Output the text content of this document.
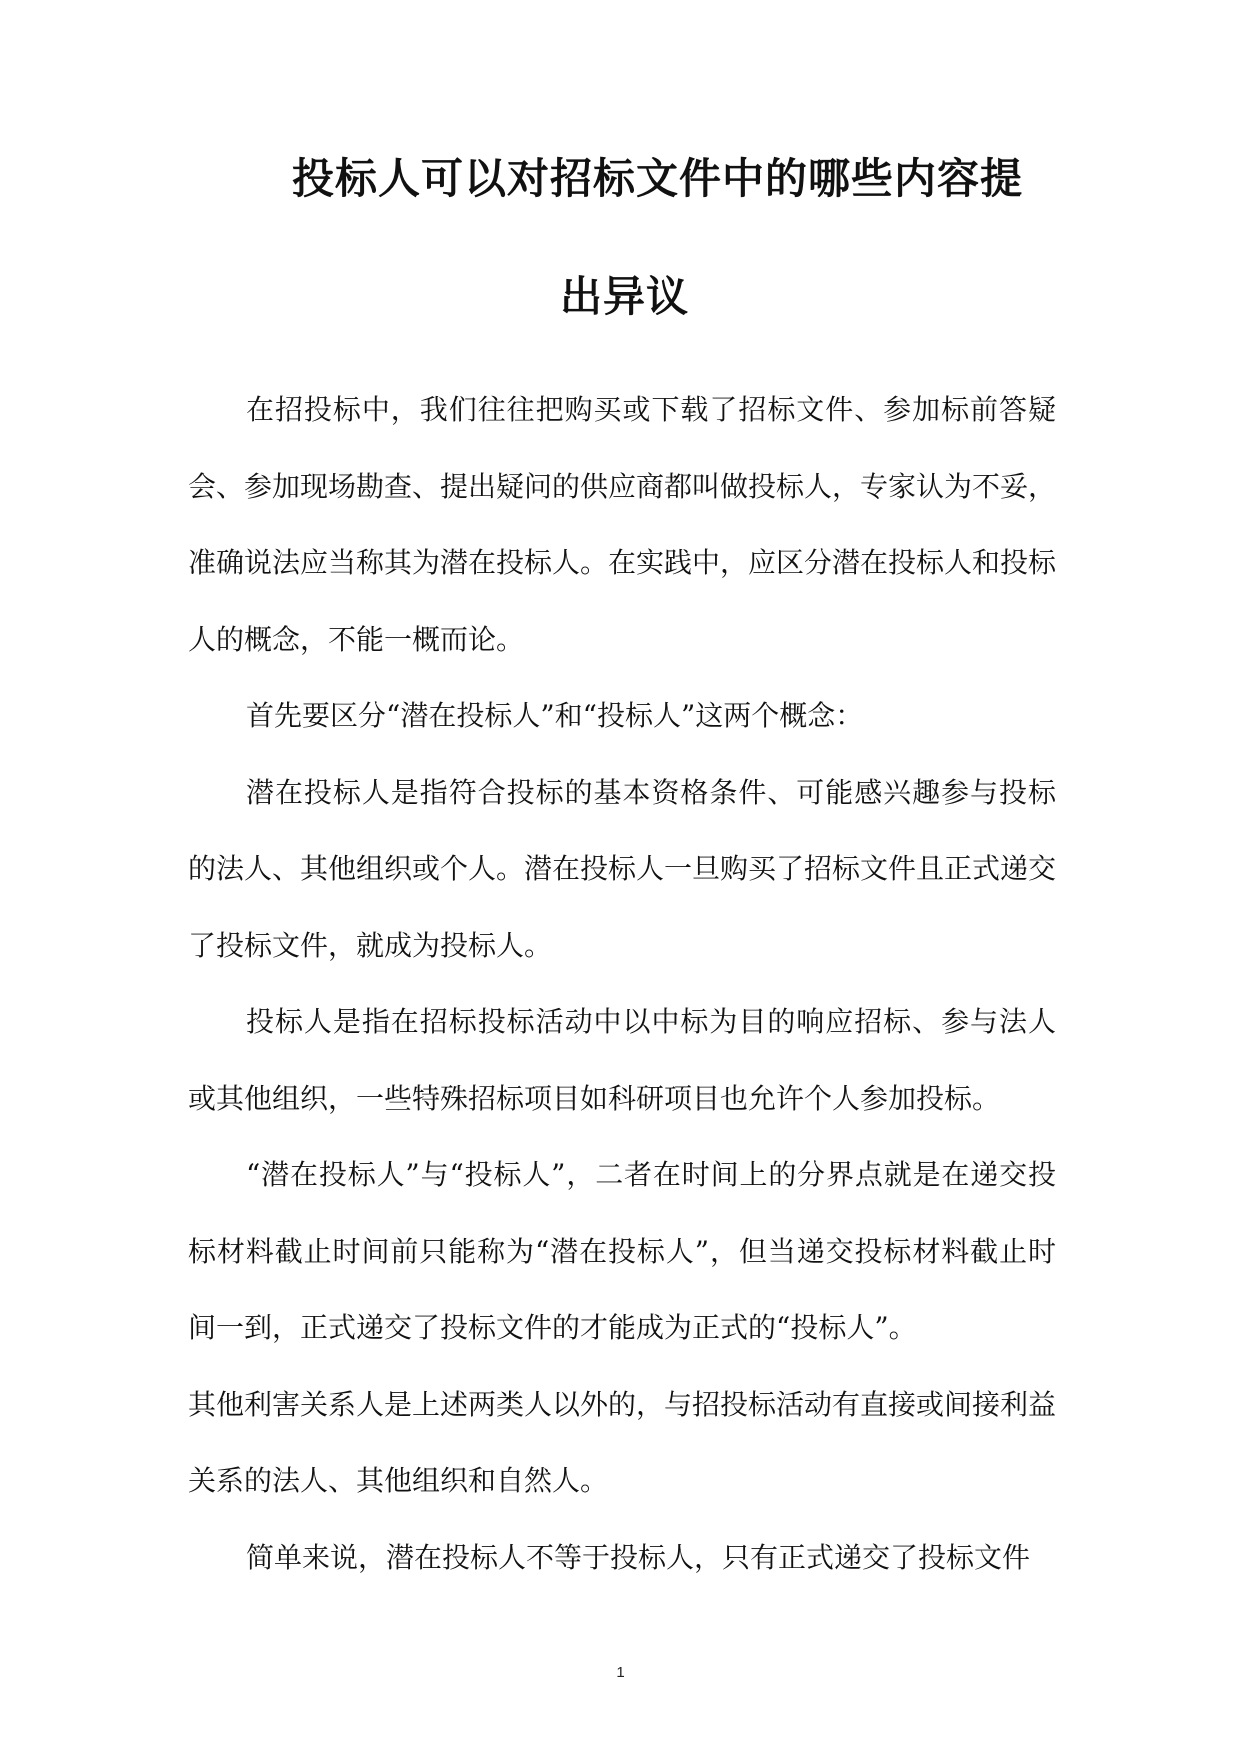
投标人可以对招标文件中的哪些内容提
出异议

在招投标中，我们往往把购买或下载了招标文件、参加标前答疑会、参加现场勘查、提出疑问的供应商都叫做投标人，专家认为不妥，准确说法应当称其为潜在投标人。在实践中，应区分潜在投标人和投标人的概念，不能一概而论。

首先要区分“潜在投标人”和“投标人”这两个概念：

潜在投标人是指符合投标的基本资格条件、可能感兴趣参与投标的法人、其他组织或个人。潜在投标人一旦购买了招标文件且正式递交了投标文件，就成为投标人。

投标人是指在招标投标活动中以中标为目的响应招标、参与法人或其他组织，一些特殊招标项目如科研项目也允许个人参加投标。

“潜在投标人”与“投标人”，二者在时间上的分界点就是在递交投标材料截止时间前只能称为“潜在投标人”，但当递交投标材料截止时间一到，正式递交了投标文件的才能成为正式的“投标人”。

其他利害关系人是上述两类人以外的，与招投标活动有直接或间接利益关系的法人、其他组织和自然人。

简单来说，潜在投标人不等于投标人，只有正式递交了投标文件

1
